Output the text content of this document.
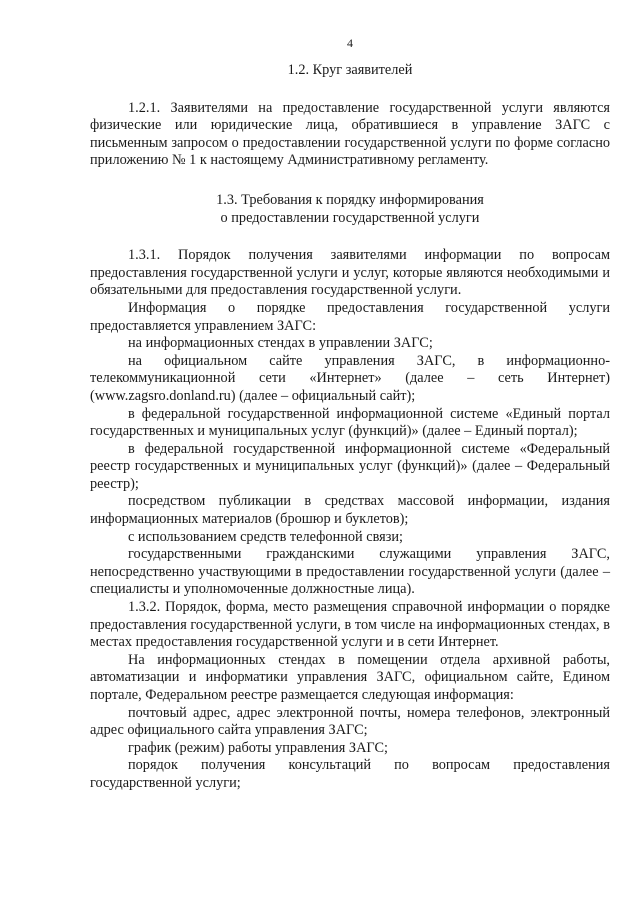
4
1.2. Круг заявителей

1.2.1. Заявителями на предоставление государственной услуги являются физические или юридические лица, обратившиеся в управление ЗАГС с письменным запросом о предоставлении государственной услуги по форме согласно приложению № 1 к настоящему Административному регламенту.

1.3. Требования к порядку информирования
о предоставлении государственной услуги

1.3.1. Порядок получения заявителями информации по вопросам предоставления государственной услуги и услуг, которые являются необходимыми и обязательными для предоставления государственной услуги.

Информация о порядке предоставления государственной услуги предоставляется управлением ЗАГС:

на информационных стендах в управлении ЗАГС;

на официальном сайте управления ЗАГС, в информационно-телекоммуникационной сети «Интернет» (далее – сеть Интернет) (www.zagsro.donland.ru) (далее – официальный сайт);

в федеральной государственной информационной системе «Единый портал государственных и муниципальных услуг (функций)» (далее – Единый портал);

в федеральной государственной информационной системе «Федеральный реестр государственных и муниципальных услуг (функций)» (далее – Федеральный реестр);

посредством публикации в средствах массовой информации, издания информационных материалов (брошюр и буклетов);

с использованием средств телефонной связи;

государственными гражданскими служащими управления ЗАГС, непосредственно участвующими в предоставлении государственной услуги (далее – специалисты и уполномоченные должностные лица).

1.3.2. Порядок, форма, место размещения справочной информации о порядке предоставления государственной услуги, в том числе на информационных стендах, в местах предоставления государственной услуги и в сети Интернет.

На информационных стендах в помещении отдела архивной работы, автоматизации и информатики управления ЗАГС, официальном сайте, Едином портале, Федеральном реестре размещается следующая информация:

почтовый адрес, адрес электронной почты, номера телефонов, электронный адрес официального сайта управления ЗАГС;

график (режим) работы управления ЗАГС;

порядок получения консультаций по вопросам предоставления государственной услуги;
